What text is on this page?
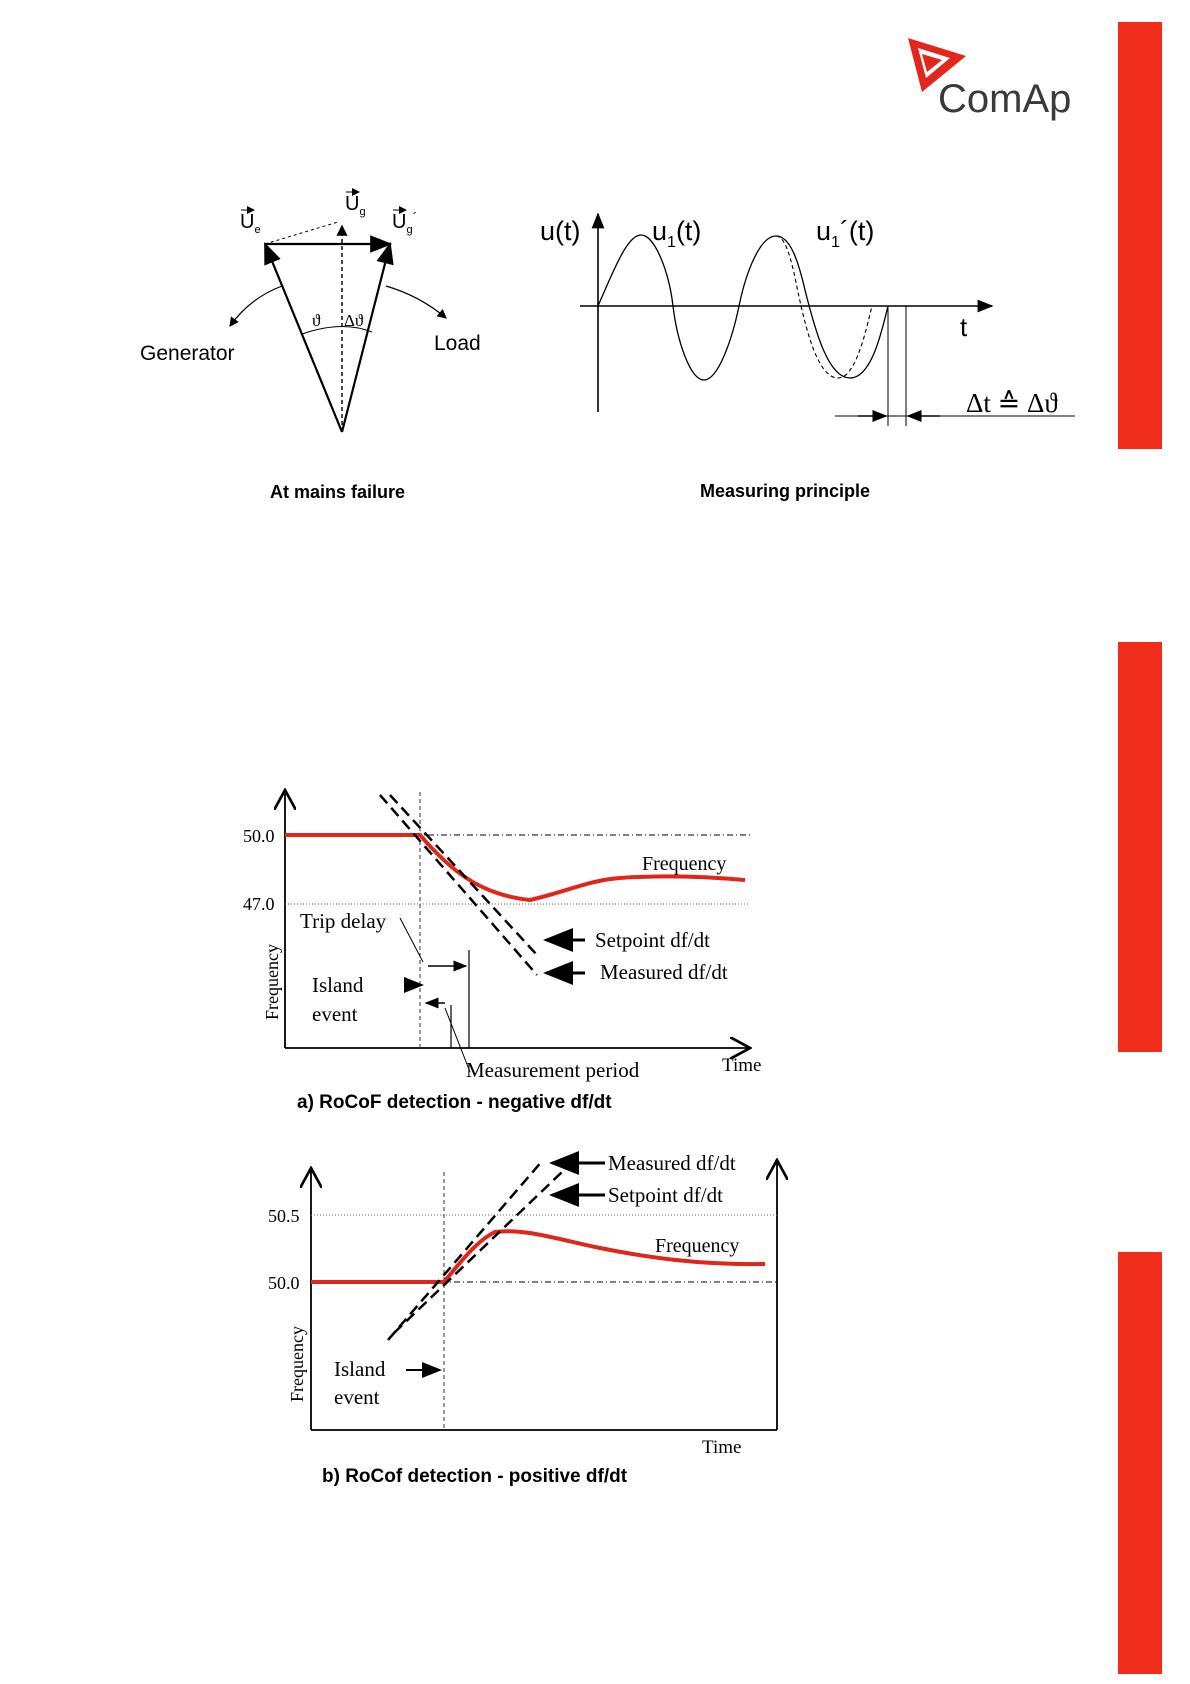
ComAp
$U_e$
$U_g$ $U_g^´$
ϑ Δϑ
Generator	Load
At mains failure
u(t)	$u_1(t)$	$u_1´(t)$
t
Δt ≙ Δϑ
Measuring principle
50.0
47.0
Frequency
Time
Frequency
Setpoint df/dt
Measured df/dt
Trip delay
Island
event
Measurement period
a) RoCoF detection - negative df/dt
50.5
50.0
Frequency
Time
Frequency
Measured df/dt
Setpoint df/dt
Island
event
b) RoCof detection - positive df/dt
